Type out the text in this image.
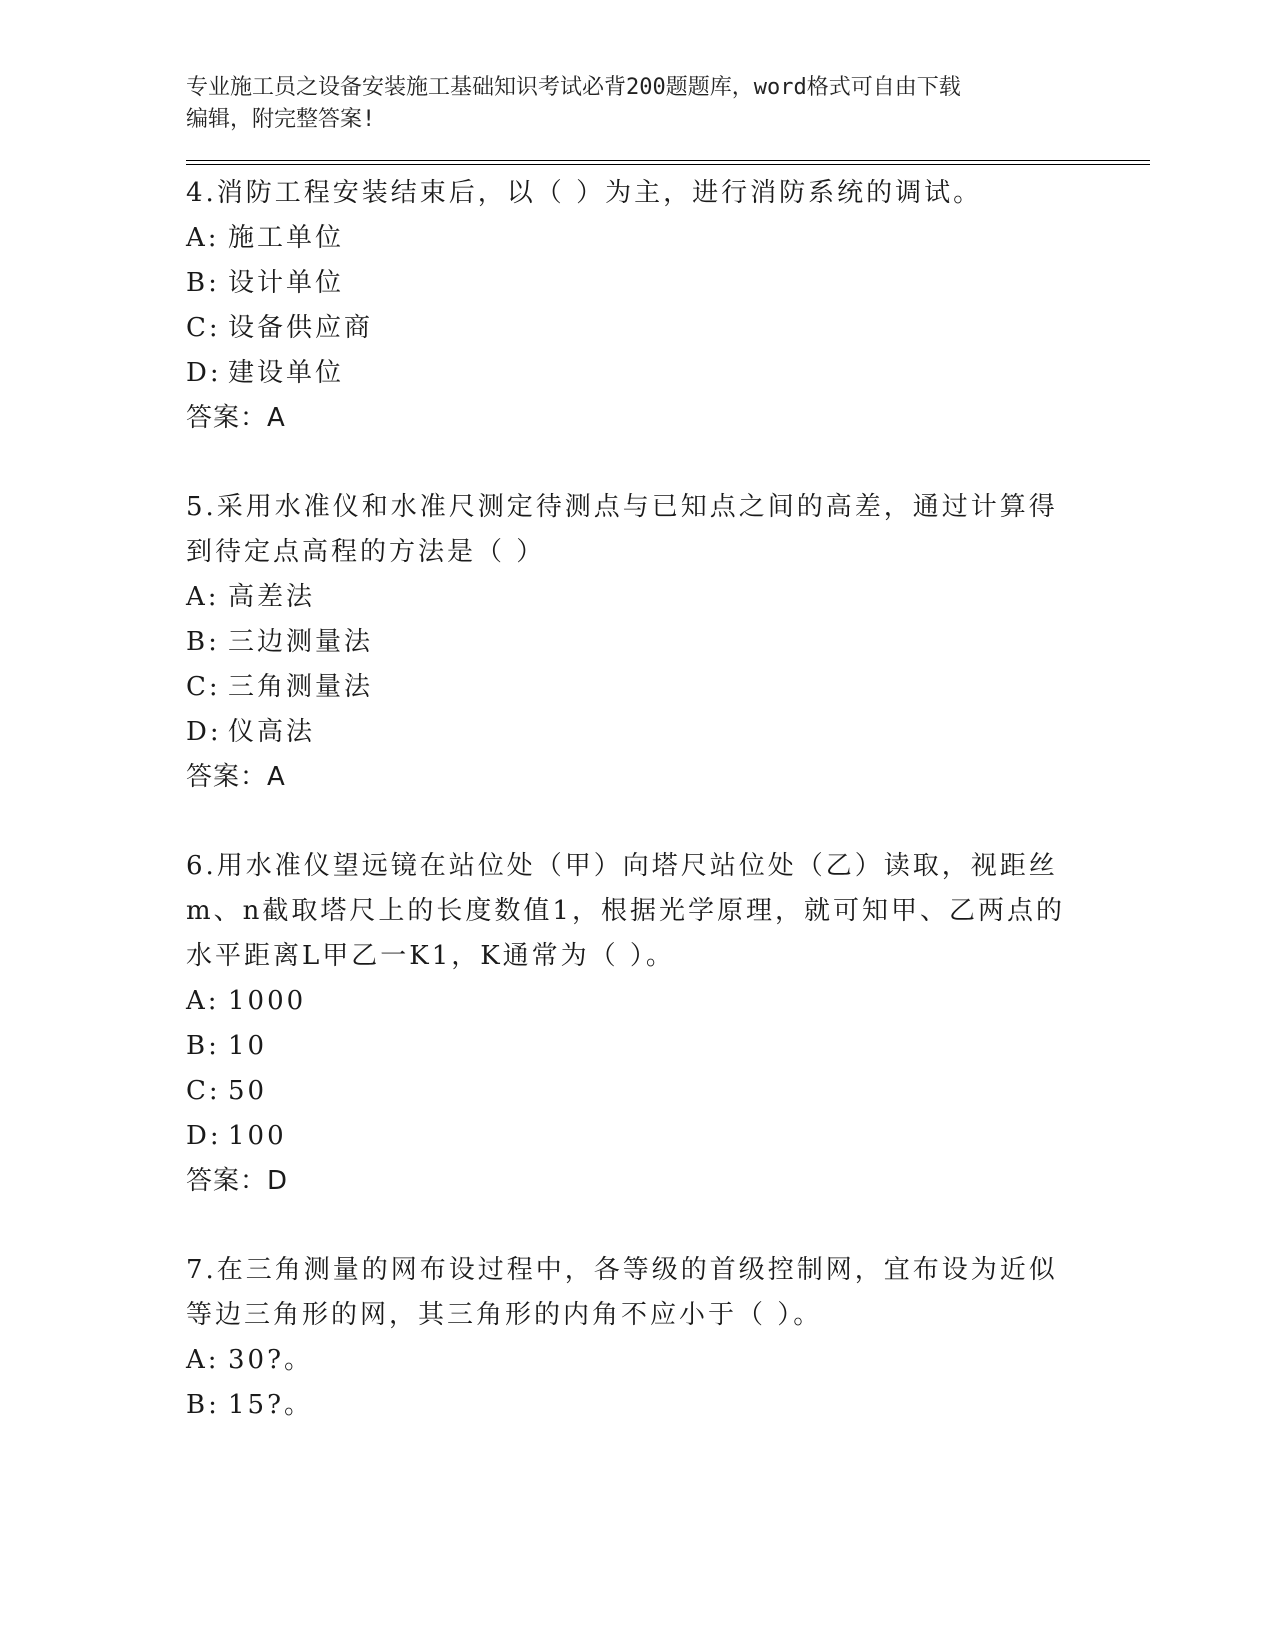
专业施工员之设备安装施工基础知识考试必背200题题库，word格式可自由下载
编辑，附完整答案!
4.消防工程安装结束后，以（ ）为主，进行消防系统的调试。
A: 施工单位
B: 设计单位
C: 设备供应商
D: 建设单位
答案：A
5.采用水准仪和水准尺测定待测点与已知点之间的高差，通过计算得到待定点高程的方法是（ ）
A: 高差法
B: 三边测量法
C: 三角测量法
D: 仪高法
答案：A
6.用水准仪望远镜在站位处（甲）向塔尺站位处（乙）读取，视距丝m、n截取塔尺上的长度数值1，根据光学原理，就可知甲、乙两点的水平距离L甲乙一K1，K通常为（ ）。
A: 1000
B: 10
C: 50
D: 100
答案：D
7.在三角测量的网布设过程中，各等级的首级控制网，宜布设为近似等边三角形的网，其三角形的内角不应小于（ ）。
A: 30?。
B: 15?。
